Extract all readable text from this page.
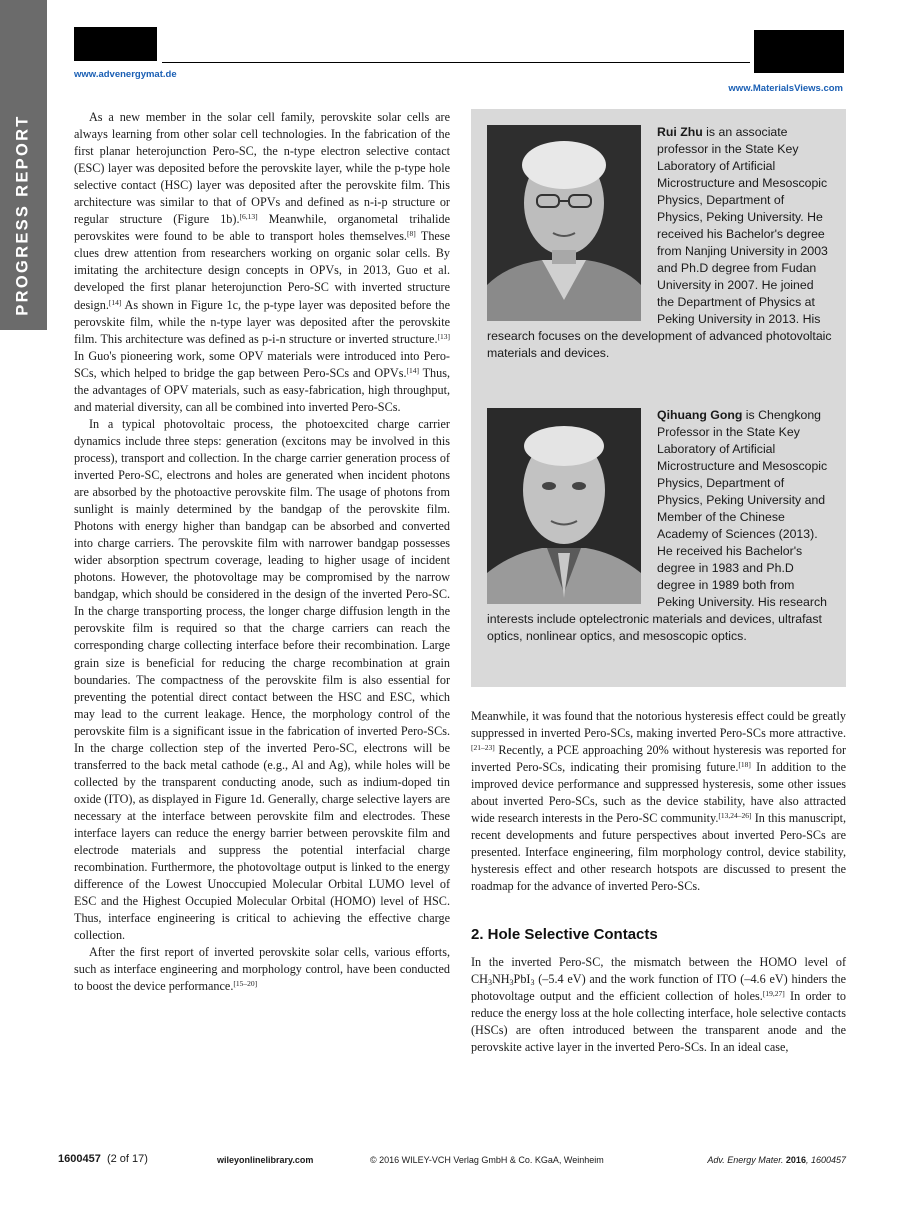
PROGRESS REPORT
www.advenergymat.de
www.MaterialsViews.com

As a new member in the solar cell family, perovskite solar cells are always learning from other solar cell technologies. In the fabrication of the first planar heterojunction Pero-SC, the n-type electron selective contact (ESC) layer was deposited before the perovskite layer, while the p-type hole selective contact (HSC) layer was deposited after the perovskite film. This architecture was similar to that of OPVs and defined as n-i-p structure or regular structure (Figure 1b).[6,13] Meanwhile, organometal trihalide perovskites were found to be able to transport holes themselves.[8] These clues drew attention from researchers working on organic solar cells. By imitating the architecture design concepts in OPVs, in 2013, Guo et al. developed the first planar heterojunction Pero-SC with inverted structure design.[14] As shown in Figure 1c, the p-type layer was deposited before the perovskite film, while the n-type layer was deposited after the perovskite film. This architecture was defined as p-i-n structure or inverted structure.[13] In Guo's pioneering work, some OPV materials were introduced into Pero-SCs, which helped to bridge the gap between Pero-SCs and OPVs.[14] Thus, the advantages of OPV materials, such as easy-fabrication, high throughput, and material diversity, can all be combined into inverted Pero-SCs.

In a typical photovoltaic process, the photoexcited charge carrier dynamics include three steps: generation (excitons may be involved in this process), transport and collection. In the charge carrier generation process of inverted Pero-SC, electrons and holes are generated when incident photons are absorbed by the photoactive perovskite film. The usage of photons from sunlight is mainly determined by the bandgap of the perovskite film. Photons with energy higher than bandgap can be absorbed and converted into charge carriers. The perovskite film with narrower bandgap possesses wider absorption spectrum coverage, leading to higher usage of incident photons. However, the photovoltage may be compromised by the narrow bandgap, which should be considered in the design of the inverted Pero-SC. In the charge transporting process, the longer charge diffusion length in the perovskite film is required so that the charge carriers can reach the corresponding charge collecting interface before their recombination. Large grain size is beneficial for reducing the charge recombination at grain boundaries. The compactness of the perovskite film is also essential for preventing the potential direct contact between the HSC and ESC, which may lead to the current leakage. Hence, the morphology control of the perovskite film is a significant issue in the fabrication of inverted Pero-SCs. In the charge collection step of the inverted Pero-SC, electrons will be transferred to the back metal cathode (e.g., Al and Ag), while holes will be collected by the transparent conducting anode, such as indium-doped tin oxide (ITO), as displayed in Figure 1d. Generally, charge selective layers are necessary at the interface between perovskite film and electrodes. These interface layers can reduce the energy barrier between perovskite film and electrode materials and suppress the potential interfacial charge recombination. Furthermore, the photovoltage output is linked to the energy difference of the Lowest Unoccupied Molecular Orbital LUMO level of ESC and the Highest Occupied Molecular Orbital (HOMO) level of HSC. Thus, interface engineering is critical to achieving the effective charge collection.

After the first report of inverted perovskite solar cells, various efforts, such as interface engineering and morphology control, have been conducted to boost the device performance.[15–20]

Rui Zhu is an associate professor in the State Key Laboratory of Artificial Microstructure and Mesoscopic Physics, Department of Physics, Peking University. He received his Bachelor's degree from Nanjing University in 2003 and Ph.D degree from Fudan University in 2007. He joined the Department of Physics at Peking University in 2013. His research focuses on the development of advanced photovoltaic materials and devices.
Qihuang Gong is Chengkong Professor in the State Key Laboratory of Artificial Microstructure and Mesoscopic Physics, Department of Physics, Peking University and Member of the Chinese Academy of Sciences (2013). He received his Bachelor's degree in 1983 and Ph.D degree in 1989 both from Peking University. His research interests include optelectronic materials and devices, ultrafast optics, nonlinear optics, and mesoscopic optics.

Meanwhile, it was found that the notorious hysteresis effect could be greatly suppressed in inverted Pero-SCs, making inverted Pero-SCs more attractive.[21–23] Recently, a PCE approaching 20% without hysteresis was reported for inverted Pero-SCs, indicating their promising future.[18] In addition to the improved device performance and suppressed hysteresis, some other issues about inverted Pero-SCs, such as the device stability, have also attracted wide research interests in the Pero-SC community.[13,24–26] In this manuscript, recent developments and future perspectives about inverted Pero-SCs are presented. Interface engineering, film morphology control, device stability, hysteresis effect and other research hotspots are discussed to present the roadmap for the advance of inverted Pero-SCs.

2. Hole Selective Contacts

In the inverted Pero-SC, the mismatch between the HOMO level of $CH_3NH_3PbI_3$ (–5.4 eV) and the work function of ITO (–4.6 eV) hinders the photovoltage output and the efficient collection of holes.[19,27] In order to reduce the energy loss at the hole collecting interface, hole selective contacts (HSCs) are often introduced between the transparent anode and the perovskite active layer in the inverted Pero-SCs. In an ideal case,

1600457 (2 of 17)	wileyonlinelibrary.com	© 2016 WILEY-VCH Verlag GmbH & Co. KGaA, Weinheim	Adv. Energy Mater. 2016, 1600457
